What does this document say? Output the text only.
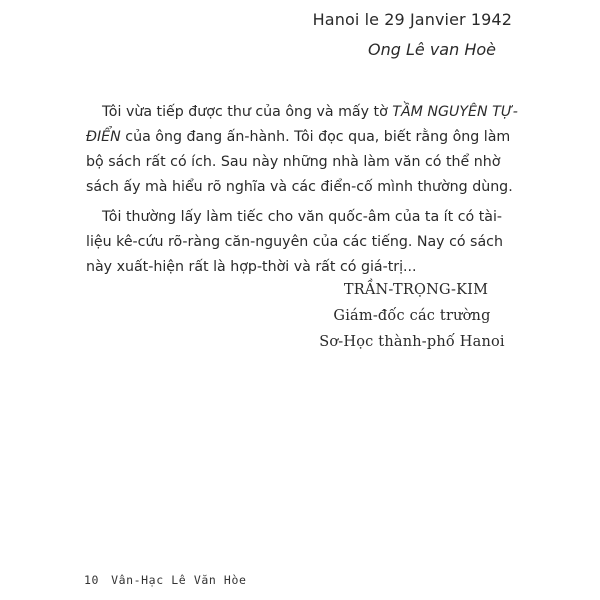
Hanoi le 29 Janvier 1942
Ong Lê van Hoè
Tôi vừa tiếp được thư của ông và mấy tờ TẦM NGUYÊN TỰ-ĐIỂN của ông đang ấn-hành. Tôi đọc qua, biết rằng ông làm bộ sách rất có ích. Sau này những nhà làm văn có thể nhờ sách ấy mà hiểu rõ nghĩa và các điển-cố mình thường dùng.
Tôi thường lấy làm tiếc cho văn quốc-âm của ta ít có tài-liệu kê-cứu rõ-ràng căn-nguyên của các tiếng. Nay có sách này xuất-hiện rất là hợp-thời và rất có giá-trị...
TRẦN-TRỌNG-KIM
Giám-đốc các trường
Sơ-Học thành-phố Hanoi
10 Vân-Hạc Lê Văn Hòe
